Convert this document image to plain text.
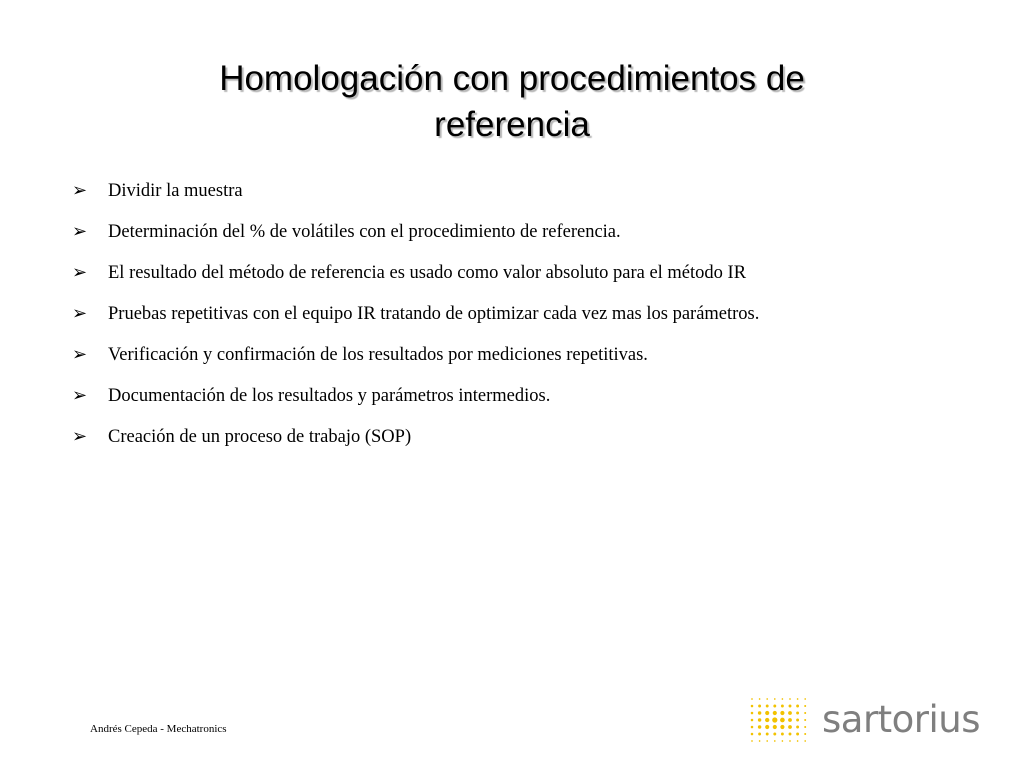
Homologación con procedimientos de
referencia
➢	Dividir la muestra
➢	Determinación del % de volátiles con el procedimiento de referencia.
➢	El resultado del método de referencia es usado como valor absoluto para el método IR
➢	Pruebas repetitivas con el equipo IR tratando de optimizar cada vez mas los parámetros.
➢	Verificación y confirmación de los resultados por mediciones repetitivas.
➢	Documentación de los resultados y parámetros intermedios.
➢	Creación de un proceso de trabajo (SOP)
Andrés Cepeda - Mechatronics	sartorius
